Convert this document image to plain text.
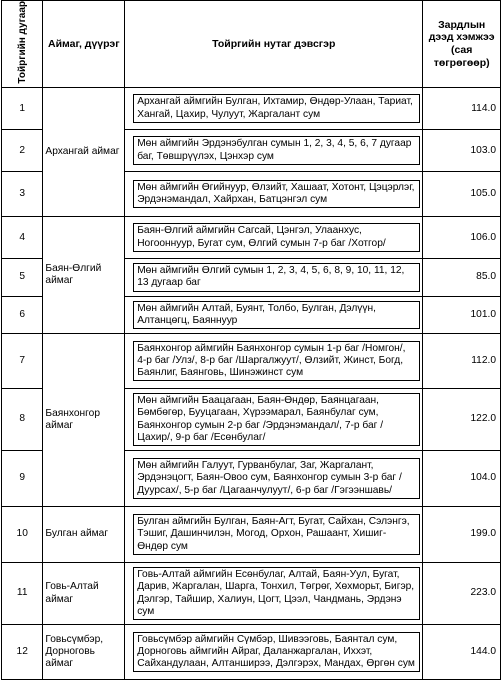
Тойргийн дугаар	Аймаг, дүүрэг	Тойргийн нутаг дэвсгэр	Зардлын дээд хэмжээ (сая төгрөгөөр)
1	Архангай аймаг	Архангай аймгийн Булган, Ихтамир, Өндөр-Улаан, Тариат, Хангай, Цахир, Чулуут, Жаргалант сум	114.0
2		Мөн аймгийн Эрдэнэбулган сумын 1, 2, 3, 4, 5, 6, 7 дугаар баг, Төвшрүүлэх, Цэнхэр сум	103.0
3		Мөн аймгийн Өгийнуур, Өлзийт, Хашаат, Хотонт, Цэцэрлэг, Эрдэнэмандал, Хайрхан, Батцэнгэл сум	105.0
4	Баян-Өлгий аймаг	Баян-Өлгий аймгийн Сагсай, Цэнгэл, Улаанхус, Ногооннуур, Бугат сум, Өлгий сумын 7-р баг /Хотгор/	106.0
5		Мөн аймгийн Өлгий сумын 1, 2, 3, 4, 5, 6, 8, 9, 10, 11, 12, 13 дугаар баг	85.0
6		Мөн аймгийн Алтай, Буянт, Толбо, Булган, Дэлүүн, Алтанцөгц, Баяннуур	101.0
7	Баянхонгор аймаг	Баянхонгор аймгийн Баянхонгор сумын 1-р баг /Номгон/, 4-р баг /Улз/, 8-р баг /Шаргалжуут/, Өлзийт, Жинст, Богд, Баянлиг, Баянговь, Шинэжинст сум	112.0
8		Мөн аймгийн Баацагаан, Баян-Өндөр, Баянцагаан, Бөмбөгөр, Бууцагаан, Хүрээмарал, Баянбулаг сум, Баянхонгор сумын 2-р баг /Эрдэнэмандал/, 7-р баг /Цахир/, 9-р баг /Есөнбулаг/	122.0
9		Мөн аймгийн Галуут, Гурванбулаг, Заг, Жаргалант, Эрдэнэцогт, Баян-Овоо сум, Баянхонгор сумын 3-р баг /Дуурсах/, 5-р баг /Цагаанчулуут/, 6-р баг /Гэгээншавь/	104.0
10	Булган аймаг	Булган аймгийн Булган, Баян-Агт, Бугат, Сайхан, Сэлэнгэ, Тэшиг, Дашинчилэн, Могод, Орхон, Рашаант, Хишиг-Өндөр сум	199.0
11	Говь-Алтай аймаг	Говь-Алтай аймгийн Есөнбулаг, Алтай, Баян-Уул, Бугат, Дарив, Жаргалан, Шарга, Тонхил, Төгрөг, Хөхморьт, Бигэр, Дэлгэр, Тайшир, Халиун, Цогт, Цээл, Чандмань, Эрдэнэ сум	223.0
12	Говьсүмбэр, Дорноговь аймаг	Говьсүмбэр аймгийн Сүмбэр, Шивээговь, Баянтал сум, Дорноговь аймгийн Айраг, Даланжаргалан, Иххэт, Сайхандулаан, Алтанширээ, Дэлгэрэх, Мандах, Өргөн сум	144.0
